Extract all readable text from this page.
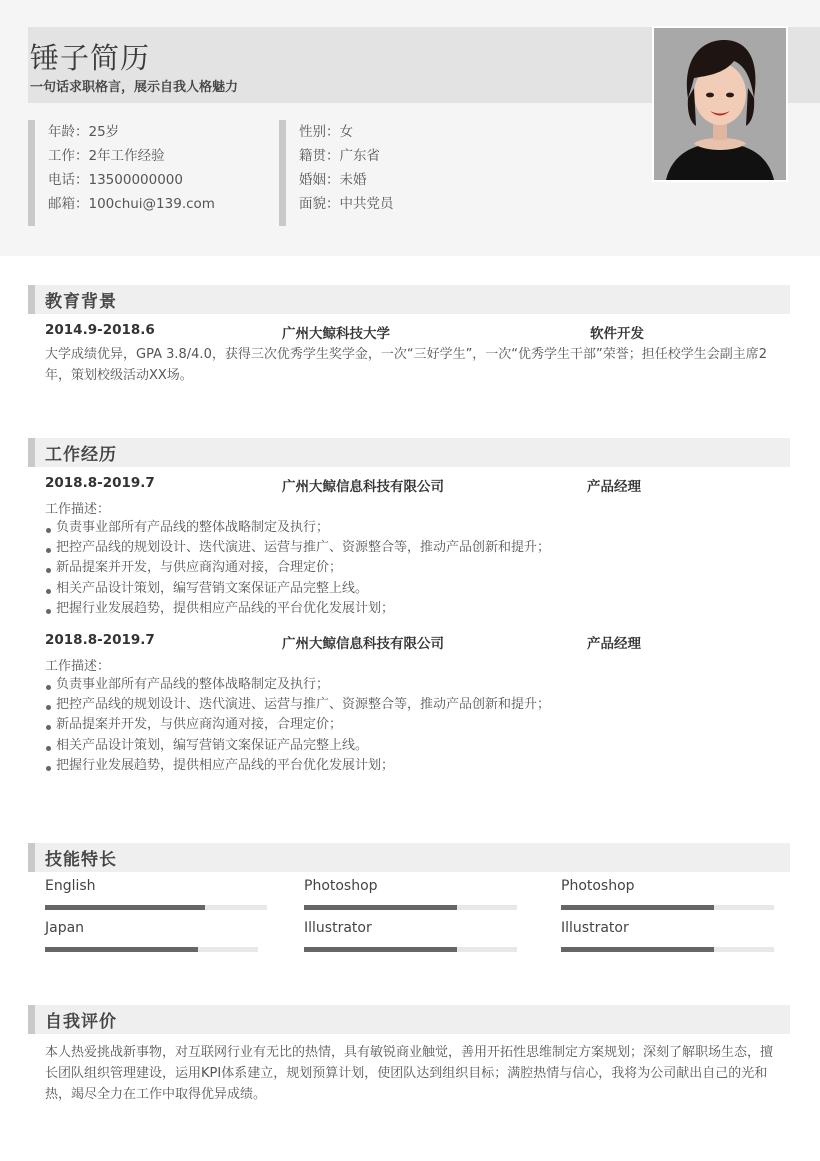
锤子简历
一句话求职格言，展示自我人格魅力
年龄：25岁
工作：2年工作经验
电话：13500000000
邮箱：100chui@139.com
性别：女
籍贯：广东省
婚姻：未婚
面貌：中共党员
教育背景
2014.9-2018.6	广州大鲸科技大学	软件开发
大学成绩优异，GPA 3.8/4.0，获得三次优秀学生奖学金，一次“三好学生”，一次“优秀学生干部”荣誉；担任校学生会副主席2年，策划校级活动XX场。
工作经历
2018.8-2019.7	广州大鲸信息科技有限公司	产品经理
工作描述：
负责事业部所有产品线的整体战略制定及执行；
把控产品线的规划设计、迭代演进、运营与推广、资源整合等，推动产品创新和提升；
新品提案并开发，与供应商沟通对接，合理定价；
相关产品设计策划，编写营销文案保证产品完整上线。
把握行业发展趋势，提供相应产品线的平台优化发展计划；
2018.8-2019.7	广州大鲸信息科技有限公司	产品经理
工作描述：
负责事业部所有产品线的整体战略制定及执行；
把控产品线的规划设计、迭代演进、运营与推广、资源整合等，推动产品创新和提升；
新品提案并开发，与供应商沟通对接，合理定价；
相关产品设计策划，编写营销文案保证产品完整上线。
把握行业发展趋势，提供相应产品线的平台优化发展计划；
技能特长
English	Photoshop	Photoshop
Japan	Illustrator	Illustrator
自我评价
本人热爱挑战新事物，对互联网行业有无比的热情，具有敏锐商业触觉，善用开拓性思维制定方案规划；深刻了解职场生态，擅长团队组织管理建设，运用KPI体系建立，规划预算计划，使团队达到组织目标；满腔热情与信心，我将为公司献出自己的光和热，竭尽全力在工作中取得优异成绩。
